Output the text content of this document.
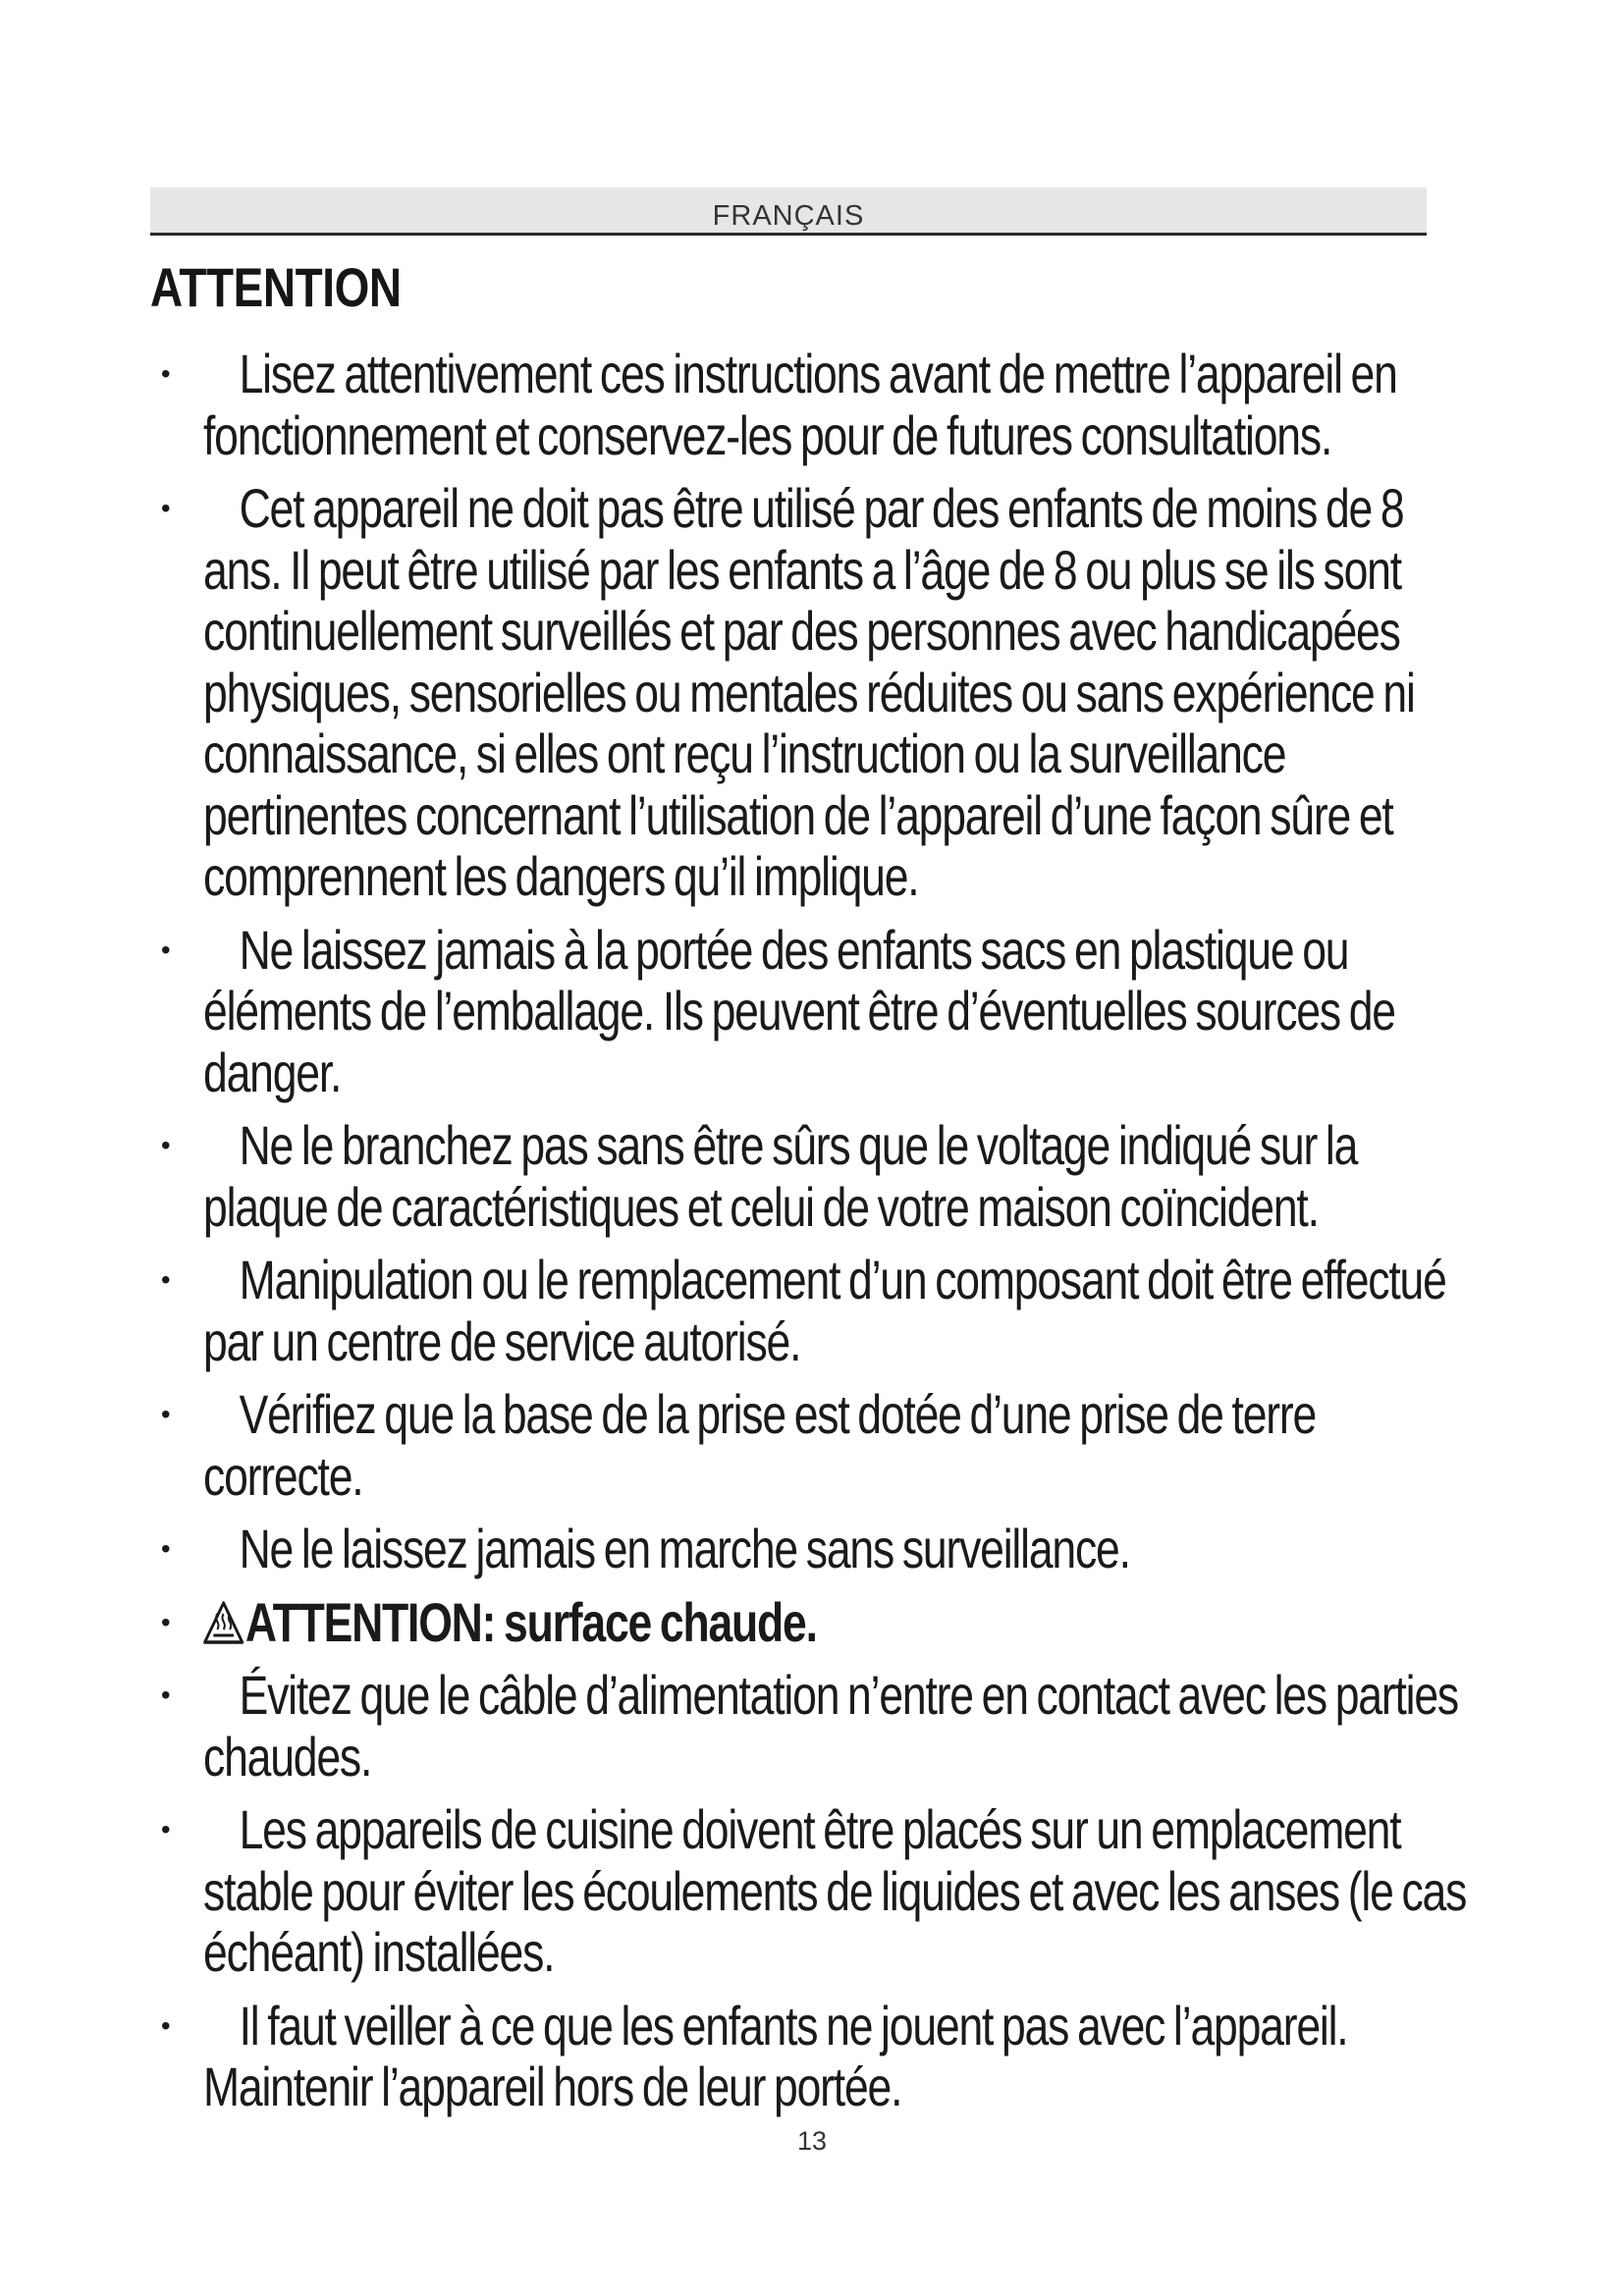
FRANÇAIS
ATTENTION
•	Lisez attentivement ces instructions avant de mettre l’appareil en fonctionnement et conservez-les pour de futures consultations.
•	Cet appareil ne doit pas être utilisé par des enfants de moins de 8 ans. Il peut être utilisé par les enfants a l’âge de 8 ou plus se ils sont continuellement surveillés et par des personnes avec handicapées physiques, sensorielles ou mentales réduites ou sans expérience ni connaissance, si elles ont reçu l’instruction ou la surveillance pertinentes concernant l’utilisation de l’appareil d’une façon sûre et comprennent les dangers qu’il implique.
•	Ne laissez jamais à la portée des enfants sacs en plastique ou éléments de l’emballage. Ils peuvent être d’éventuelles sources de danger.
•	Ne le branchez pas sans être sûrs que le voltage indiqué sur la plaque de caractéristiques et celui de votre maison coïncident.
•	Manipulation ou le remplacement d’un composant doit être effectué par un centre de service autorisé.
•	Vérifiez que la base de la prise est dotée d’une prise de terre correcte.
•	Ne le laissez jamais en marche sans surveillance.
•	ATTENTION: surface chaude.
•	Évitez que le câble d’alimentation n’entre en contact avec les parties chaudes.
•	Les appareils de cuisine doivent être placés sur un emplacement stable pour éviter les écoulements de liquides et avec les anses (le cas échéant) installées.
•	Il faut veiller à ce que les enfants ne jouent pas avec l’appareil. Maintenir l’appareil hors de leur portée.
13
